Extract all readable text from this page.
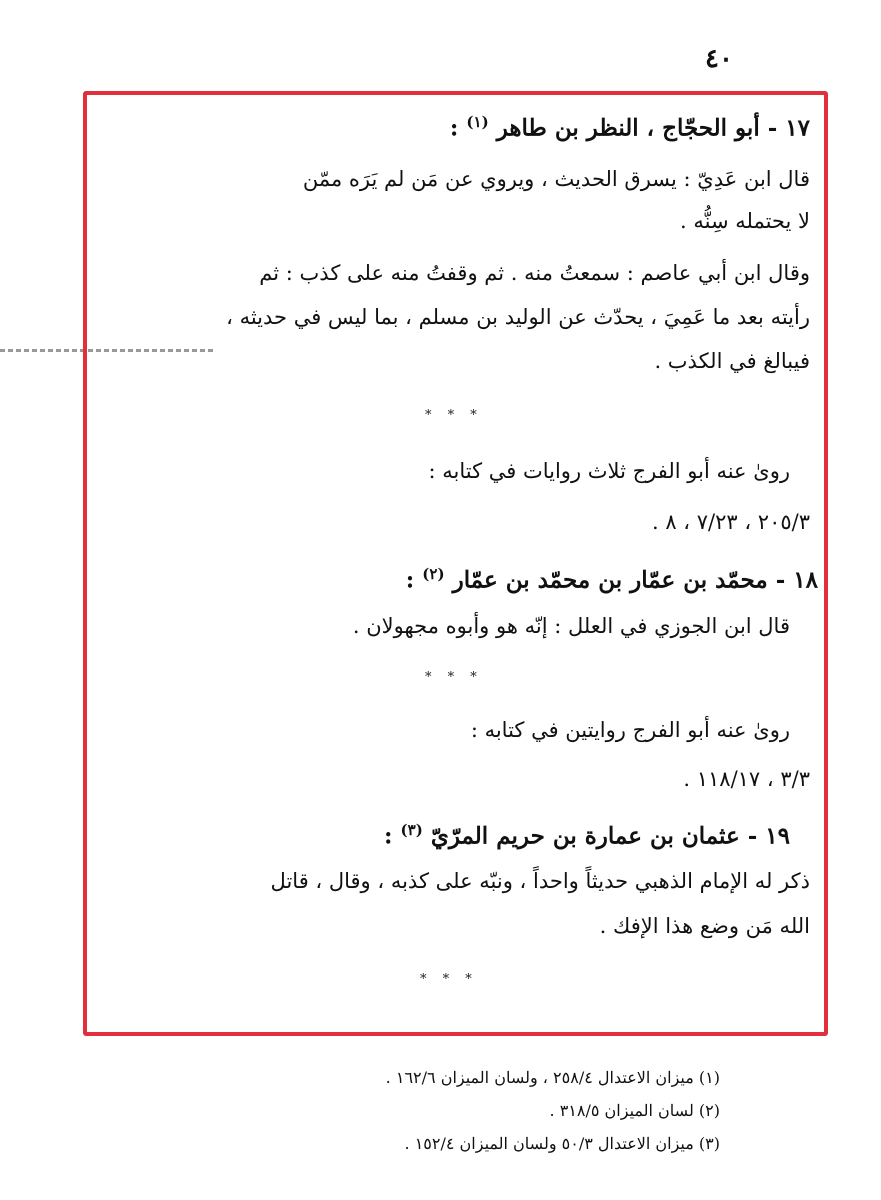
٤٠
١٧ - أبو الحجّاج ، النظر بن طاهر $^{(١)}$ :
قال ابن عَدِيّ : يسرق الحديث ، ويروي عن مَن لم يَرَه ممّن
لا يحتمله سِنُّه .
وقال ابن أبي عاصم : سمعتُ منه . ثم وقفتُ منه على كذب : ثم
رأيته بعد ما عَمِيَ ، يحدّث عن الوليد بن مسلم ، بما ليس في حديثه ،
فيبالغ في الكذب .
روىٰ عنه أبو الفرج ثلاث روايات في كتابه :
٢٠٥/٣ ، ٧/٢٣ ، ٨ .
* * *
١٨ - محمّد بن عمّار بن محمّد بن عمّار $^{(٢)}$ :
قال ابن الجوزي في العلل : إنّه هو وأبوه مجهولان .
روىٰ عنه أبو الفرج روايتين في كتابه :
٣/٣ ، ١١٨/١٧ .
* * *
١٩ - عثمان بن عمارة بن حريم المرّيّ $^{(٣)}$ :
ذكر له الإمام الذهبي حديثاً واحداً ، ونبّه على كذبه ، وقال ، قاتل
الله مَن وضع هذا الإفك .
* * *
(١) ميزان الاعتدال ٢٥٨/٤ ، ولسان الميزان ١٦٢/٦ .
(٢) لسان الميزان ٣١٨/٥ .
(٣) ميزان الاعتدال ٥٠/٣ ولسان الميزان ١٥٢/٤ .
